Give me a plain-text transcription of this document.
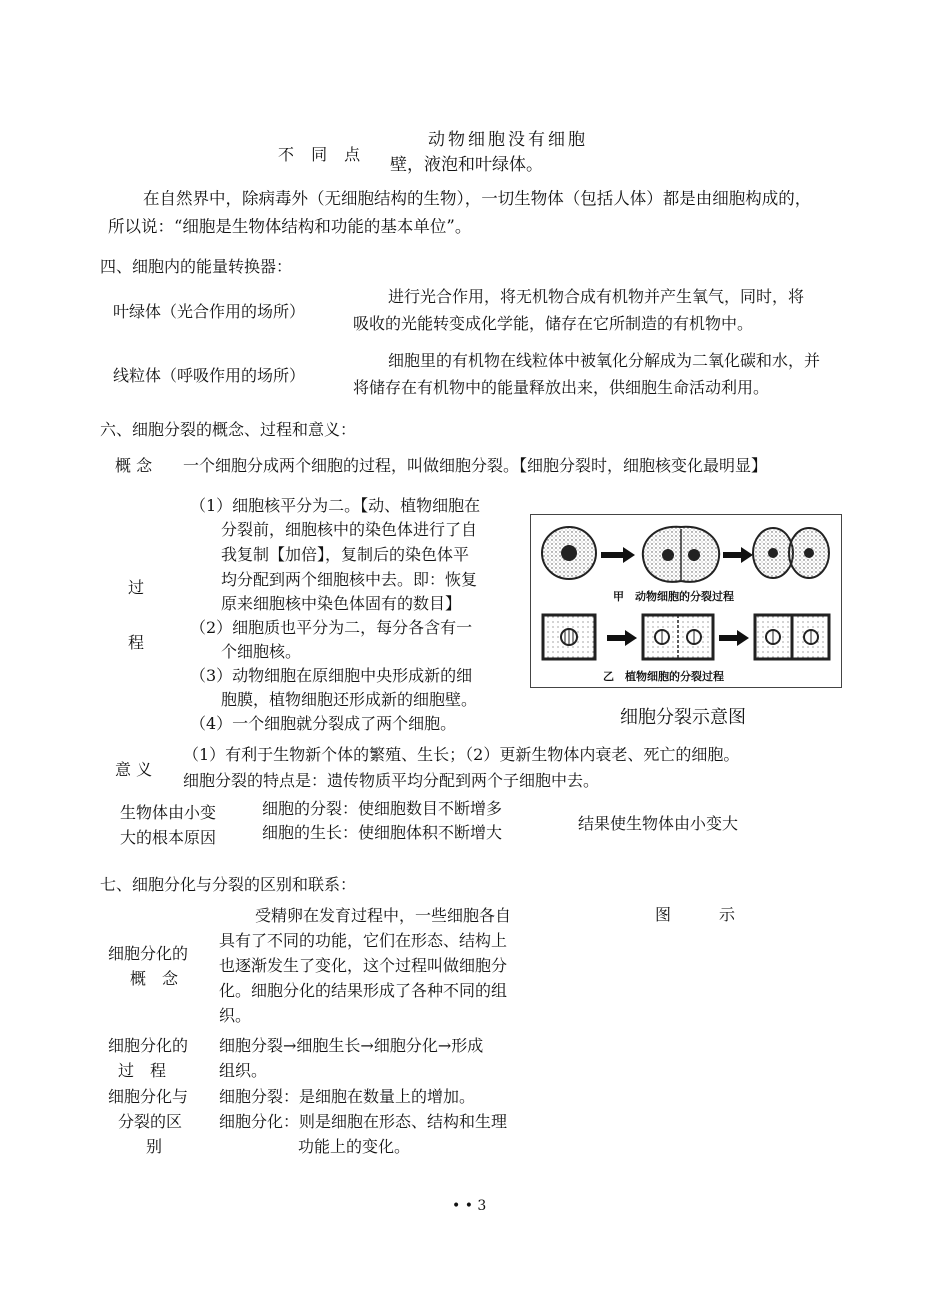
不 同 点
动物细胞没有细胞
壁，液泡和叶绿体。
在自然界中，除病毒外（无细胞结构的生物），一切生物体（包括人体）都是由细胞构成的，
所以说：“细胞是生物体结构和功能的基本单位”。
四、细胞内的能量转换器：
叶绿体（光合作用的场所）
进行光合作用，将无机物合成有机物并产生氧气，同时，将
吸收的光能转变成化学能，储存在它所制造的有机物中。
线粒体（呼吸作用的场所）
细胞里的有机物在线粒体中被氧化分解成为二氧化碳和水，并
将储存在有机物中的能量释放出来，供细胞生命活动利用。
六、细胞分裂的概念、过程和意义：
概 念 一个细胞分成两个细胞的过程，叫做细胞分裂。【细胞分裂时，细胞核变化最明显】
过
程
（1）细胞核平分为二。【动、植物细胞在
分裂前，细胞核中的染色体进行了自
我复制【加倍】，复制后的染色体平
均分配到两个细胞核中去。即：恢复
原来细胞核中染色体固有的数目】
（2）细胞质也平分为二，每分各含有一
个细胞核。
（3）动物细胞在原细胞中央形成新的细
胞膜，植物细胞还形成新的细胞壁。
（4）一个细胞就分裂成了两个细胞。
甲　动物细胞的分裂过程
乙　植物细胞的分裂过程
细胞分裂示意图
意 义
（1）有利于生物新个体的繁殖、生长；（2）更新生物体内衰老、死亡的细胞。
细胞分裂的特点是：遗传物质平均分配到两个子细胞中去。
生物体由小变
大的根本原因
细胞的分裂：使细胞数目不断增多
细胞的生长：使细胞体积不断增大	结果使生物体由小变大
七、细胞分化与分裂的区别和联系：
图　　　示
细胞分化的
概　念
受精卵在发育过程中，一些细胞各自
具有了不同的功能，它们在形态、结构上
也逐渐发生了变化，这个过程叫做细胞分
化。细胞分化的结果形成了各种不同的组
织。
细胞分化的
过　程
细胞分裂→细胞生长→细胞分化→形成
组织。
细胞分化与
分裂的区
别
细胞分裂：是细胞在数量上的增加。
细胞分化：则是细胞在形态、结构和生理
功能上的变化。
• • 3
